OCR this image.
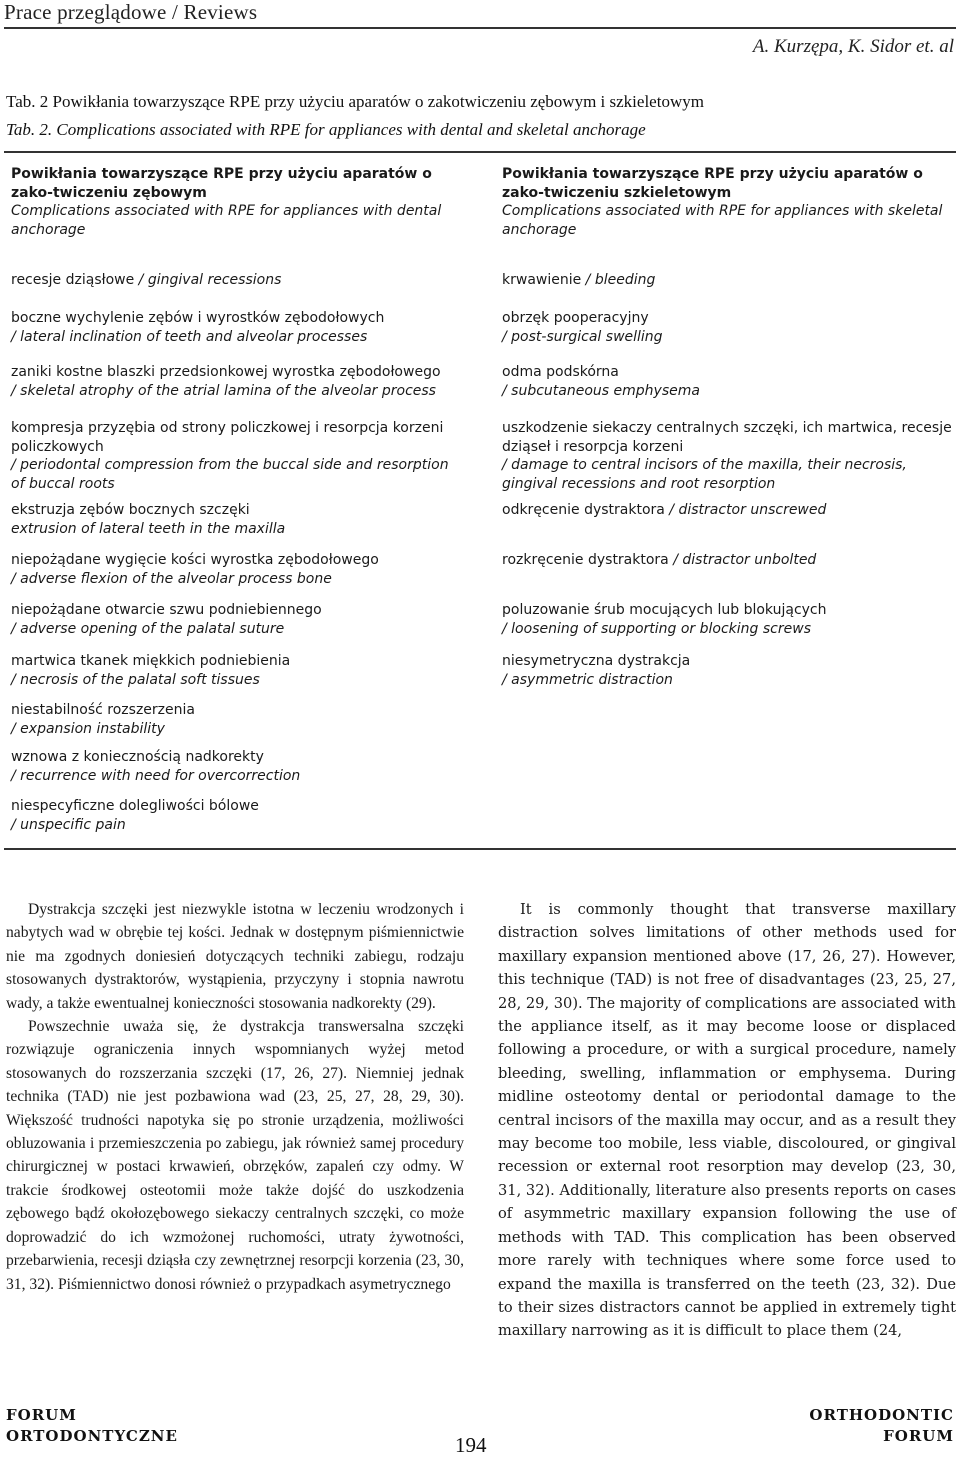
Prace przeglądowe / Reviews
A. Kurzępa, K. Sidor et. al
Tab. 2 Powikłania towarzyszące RPE przy użyciu aparatów o zakotwiczeniu zębowym i szkieletowym
Tab. 2. Complications associated with RPE for appliances with dental and skeletal anchorage
Powikłania towarzyszące RPE przy użyciu aparatów o zako-twiczeniu zębowym
Complications associated with RPE for appliances with dental anchorage
recesje dziąsłowe / gingival recessions
boczne wychylenie zębów i wyrostków zębodołowych
/ lateral inclination of teeth and alveolar processes
zaniki kostne blaszki przedsionkowej wyrostka zębodołowego
/ skeletal atrophy of the atrial lamina of the alveolar process
kompresja przyzębia od strony policzkowej i resorpcja korzeni policzkowych
/ periodontal compression from the buccal side and resorption of buccal roots
ekstruzja zębów bocznych szczęki
extrusion of lateral teeth in the maxilla
niepożądane wygięcie kości wyrostka zębodołowego
/ adverse flexion of the alveolar process bone
niepożądane otwarcie szwu podniebiennego
/ adverse opening of the palatal suture
martwica tkanek miękkich podniebienia
/ necrosis of the palatal soft tissues
niestabilność rozszerzenia
/ expansion instability
wznowa z koniecznością nadkorekty
/ recurrence with need for overcorrection
niespecyficzne dolegliwości bólowe
/ unspecific pain
Powikłania towarzyszące RPE przy użyciu aparatów o zako-twiczeniu szkieletowym
Complications associated with RPE for appliances with skeletal anchorage
krwawienie / bleeding
obrzęk pooperacyjny
/ post-surgical swelling
odma podskórna
/ subcutaneous emphysema
uszkodzenie siekaczy centralnych szczęki, ich martwica, recesje dziąseł i resorpcja korzeni
/ damage to central incisors of the maxilla, their necrosis, gingival recessions and root resorption
odkręcenie dystraktora / distractor unscrewed
rozkręcenie dystraktora / distractor unbolted
poluzowanie śrub mocujących lub blokujących
/ loosening of supporting or blocking screws
niesymetryczna dystrakcja
/ asymmetric distraction

Dystrakcja szczęki jest niezwykle istotna w leczeniu wrodzonych i nabytych wad w obrębie tej kości. Jednak w dostępnym piśmiennictwie nie ma zgodnych doniesień dotyczących techniki zabiegu, rodzaju stosowanych dystraktorów, wystąpienia, przyczyny i stopnia nawrotu wady, a także ewentualnej konieczności stosowania nadkorekty (29).

Powszechnie uważa się, że dystrakcja transwersalna szczęki rozwiązuje ograniczenia innych wspomnianych wyżej metod stosowanych do rozszerzania szczęki (17, 26, 27). Niemniej jednak technika (TAD) nie jest pozbawiona wad (23, 25, 27, 28, 29, 30). Większość trudności napotyka się po stronie urządzenia, możliwości obluzowania i przemieszczenia po zabiegu, jak również samej procedury chirurgicznej w postaci krwawień, obrzęków, zapaleń czy odmy. W trakcie środkowej osteotomii może także dojść do uszkodzenia zębowego bądź okołozębowego siekaczy centralnych szczęki, co może doprowadzić do ich wzmożonej ruchomości, utraty żywotności, przebarwienia, recesji dziąsła czy zewnętrznej resorpcji korzenia (23, 30, 31, 32). Piśmiennictwo donosi również o przypadkach asymetrycznego

It is commonly thought that transverse maxillary distraction solves limitations of other methods used for maxillary expansion mentioned above (17, 26, 27). However, this technique (TAD) is not free of disadvantages (23, 25, 27, 28, 29, 30). The majority of complications are associated with the appliance itself, as it may become loose or displaced following a procedure, or with a surgical procedure, namely bleeding, swelling, inflammation or emphysema. During midline osteotomy dental or periodontal damage to the central incisors of the maxilla may occur, and as a result they may become too mobile, less viable, discoloured, or gingival recession or external root resorption may develop (23, 30, 31, 32). Additionally, literature also presents reports on cases of asymmetric maxillary expansion following the use of methods with TAD. This complication has been observed more rarely with techniques where some force used to expand the maxilla is transferred on the teeth (23, 32). Due to their sizes distractors cannot be applied in extremely tight maxillary narrowing as it is difficult to place them (24,

FORUM
ORTODONTYCZNE	194
ORTHODONTIC
FORUM
